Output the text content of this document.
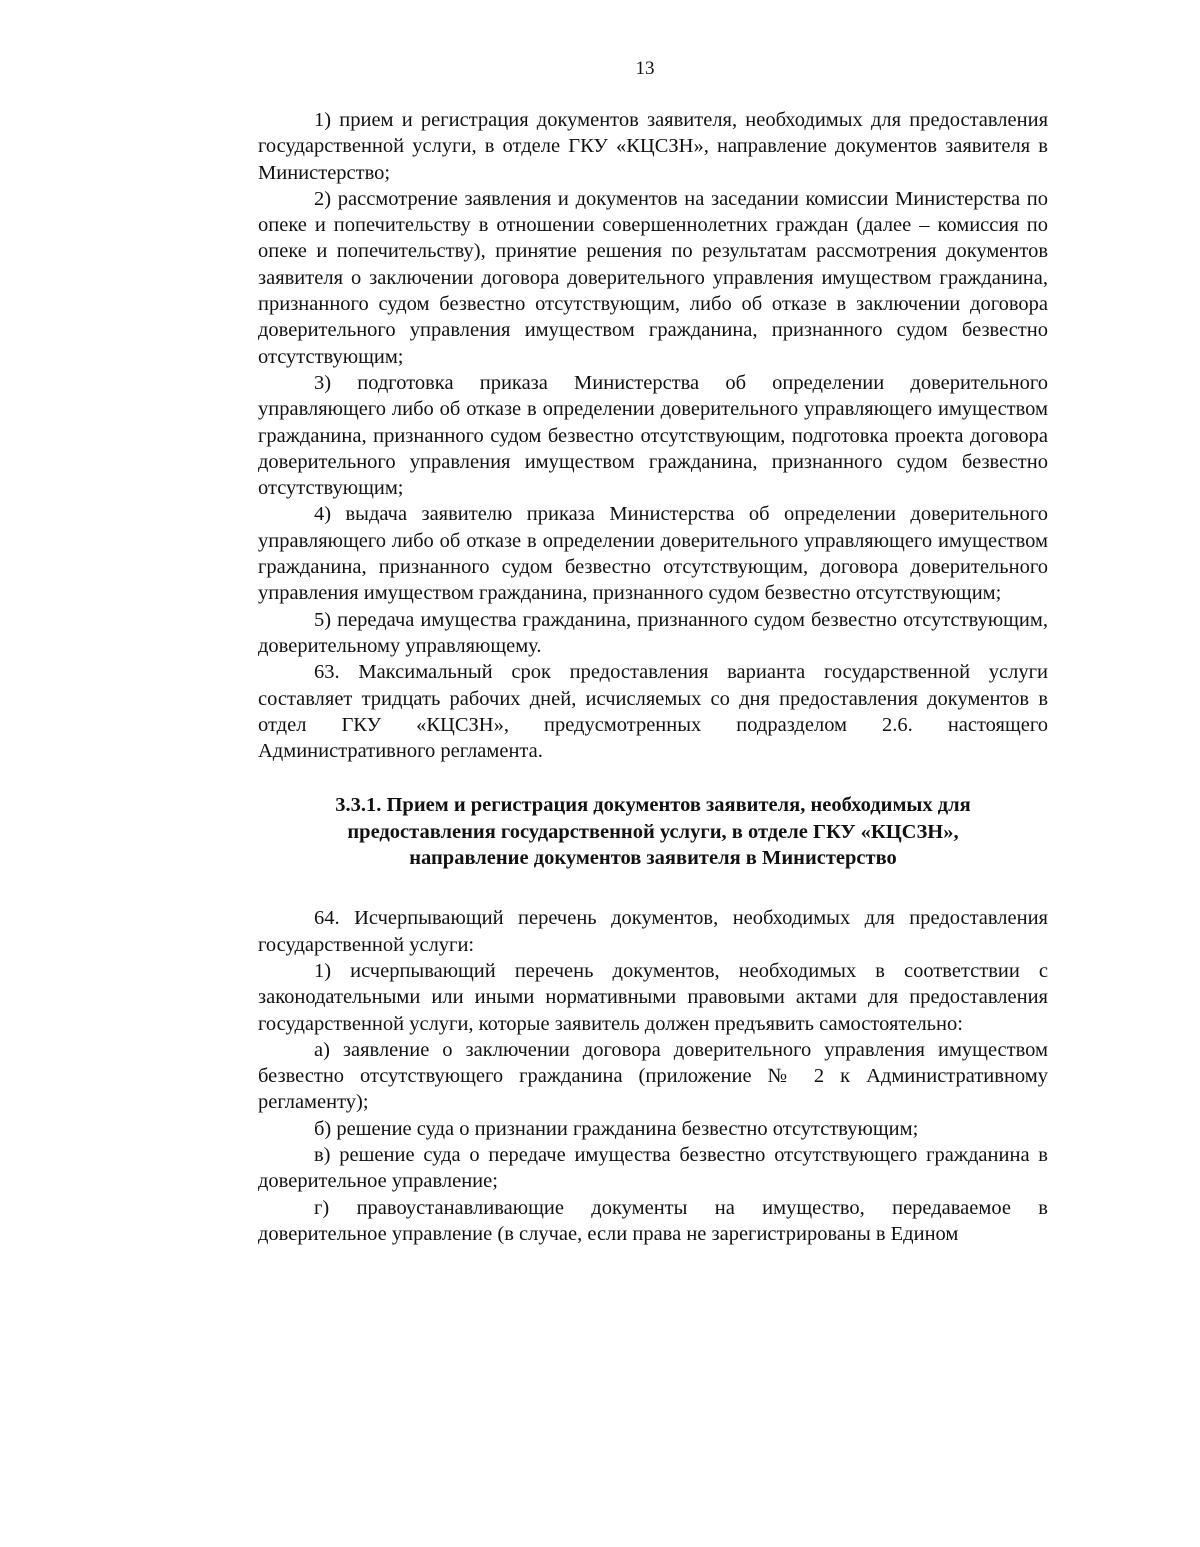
13

1) прием и регистрация документов заявителя, необходимых для предоставления государственной услуги, в отделе ГКУ «КЦСЗН», направление документов заявителя в Министерство;

2) рассмотрение заявления и документов на заседании комиссии Министерства по опеке и попечительству в отношении совершеннолетних граждан (далее – комиссия по опеке и попечительству), принятие решения по результатам рассмотрения документов заявителя о заключении договора доверительного управления имуществом гражданина, признанного судом безвестно отсутствующим, либо об отказе в заключении договора доверительного управления имуществом гражданина, признанного судом безвестно отсутствующим;

3) подготовка приказа Министерства об определении доверительного управляющего либо об отказе в определении доверительного управляющего имуществом гражданина, признанного судом безвестно отсутствующим, подготовка проекта договора доверительного управления имуществом гражданина, признанного судом безвестно отсутствующим;

4) выдача заявителю приказа Министерства об определении доверительного управляющего либо об отказе в определении доверительного управляющего имуществом гражданина, признанного судом безвестно отсутствующим, договора доверительного управления имуществом гражданина, признанного судом безвестно отсутствующим;

5) передача имущества гражданина, признанного судом безвестно отсутствующим, доверительному управляющему.

63. Максимальный срок предоставления варианта государственной услуги составляет тридцать рабочих дней, исчисляемых со дня предоставления документов в отдел ГКУ «КЦСЗН», предусмотренных подразделом 2.6. настоящего Административного регламента.

3.3.1. Прием и регистрация документов заявителя, необходимых для
предоставления государственной услуги, в отделе ГКУ «КЦСЗН»,
направление документов заявителя в Министерство

64. Исчерпывающий перечень документов, необходимых для предоставления государственной услуги:

1) исчерпывающий перечень документов, необходимых в соответствии с законодательными или иными нормативными правовыми актами для предоставления государственной услуги, которые заявитель должен предъявить самостоятельно:

а) заявление о заключении договора доверительного управления имуществом безвестно отсутствующего гражданина (приложение № 2 к Административному регламенту);

б) решение суда о признании гражданина безвестно отсутствующим;

в) решение суда о передаче имущества безвестно отсутствующего гражданина в доверительное управление;

г) правоустанавливающие документы на имущество, передаваемое в доверительное управление (в случае, если права не зарегистрированы в Едином
